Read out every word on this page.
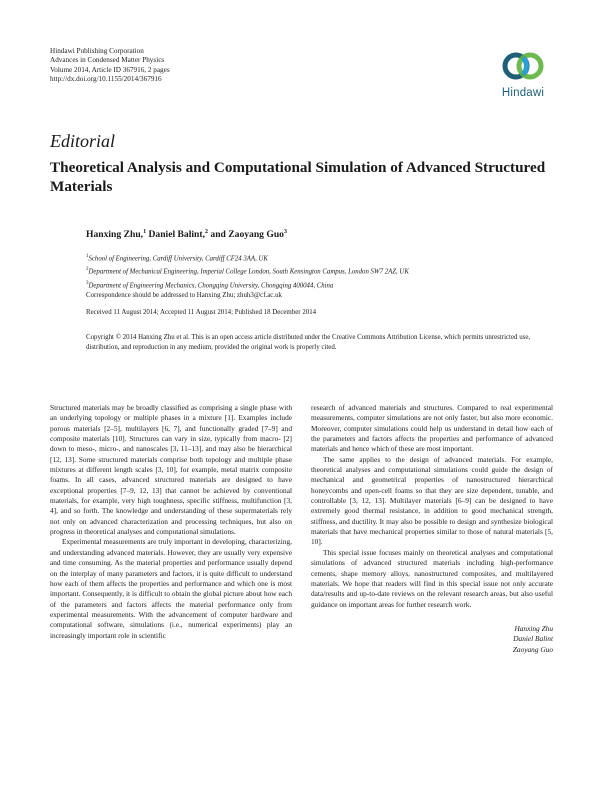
Hindawi Publishing Corporation
Advances in Condensed Matter Physics
Volume 2014, Article ID 367916, 2 pages
http://dx.doi.org/10.1155/2014/367916
Hindawi
Editorial
Theoretical Analysis and Computational Simulation of Advanced Structured Materials
Hanxing Zhu,$^1$ Daniel Balint,$^2$ and Zaoyang Guo$^3$
$^1$School of Engineering, Cardiff University, Cardiff CF24 3AA, UK
$^2$Department of Mechanical Engineering, Imperial College London, South Kensington Campus, London SW7 2AZ, UK
$^3$Department of Engineering Mechanics, Chongqing University, Chongqing 400044, China
Correspondence should be addressed to Hanxing Zhu; zhuh3@cf.ac.uk
Received 11 August 2014; Accepted 11 August 2014; Published 18 December 2014
Copyright © 2014 Hanxing Zhu et al. This is an open access article distributed under the Creative Commons Attribution License, which permits unrestricted use, distribution, and reproduction in any medium, provided the original work is properly cited.

Structured materials may be broadly classified as comprising a single phase with an underlying topology or multiple phases in a mixture [1]. Examples include porous materials [2–5], multilayers [6, 7], and functionally graded [7–9] and composite materials [10]. Structures can vary in size, typically from macro- [2] down to meso-, micro-, and nanoscales [3, 11–13], and may also be hierarchical [12, 13]. Some structured materials comprise both topology and multiple phase mixtures at different length scales [3, 10], for example, metal matrix composite foams. In all cases, advanced structured materials are designed to have exceptional properties [7–9, 12, 13] that cannot be achieved by conventional materials, for example, very high toughness, specific stiffness, multifunction [3, 4], and so forth. The knowledge and understanding of these supermaterials rely not only on advanced characterization and processing techniques, but also on progress in theoretical analyses and computational simulations.

Experimental measurements are truly important in developing, characterizing, and understanding advanced materials. However, they are usually very expensive and time consuming. As the material properties and performance usually depend on the interplay of many parameters and factors, it is quite difficult to understand how each of them affects the properties and performance and which one is most important. Consequently, it is difficult to obtain the global picture about how each of the parameters and factors affects the material performance only from experimental measurements. With the advancement of computer hardware and computational software, simulations (i.e., numerical experiments) play an increasingly important role in scientific

research of advanced materials and structures. Compared to real experimental measurements, computer simulations are not only faster, but also more economic. Moreover, computer simulations could help us understand in detail how each of the parameters and factors affects the properties and performance of advanced materials and hence which of these are most important.

The same applies to the design of advanced materials. For example, theoretical analyses and computational simulations could guide the design of mechanical and geometrical properties of nanostructured hierarchical honeycombs and open-cell foams so that they are size dependent, tunable, and controllable [3, 12, 13]. Multilayer materials [6–9] can be designed to have extremely good thermal resistance, in addition to good mechanical strength, stiffness, and ductility. It may also be possible to design and synthesize biological materials that have mechanical properties similar to those of natural materials [5, 10].

This special issue focuses mainly on theoretical analyses and computational simulations of advanced structured materials including high-performance cements, shape memory alloys, nanostructured composites, and multilayered materials. We hope that readers will find in this special issue not only accurate data/results and up-to-date reviews on the relevant research areas, but also useful guidance on important areas for further research work.

Hanxing Zhu
Daniel Balint
Zaoyang Guo
